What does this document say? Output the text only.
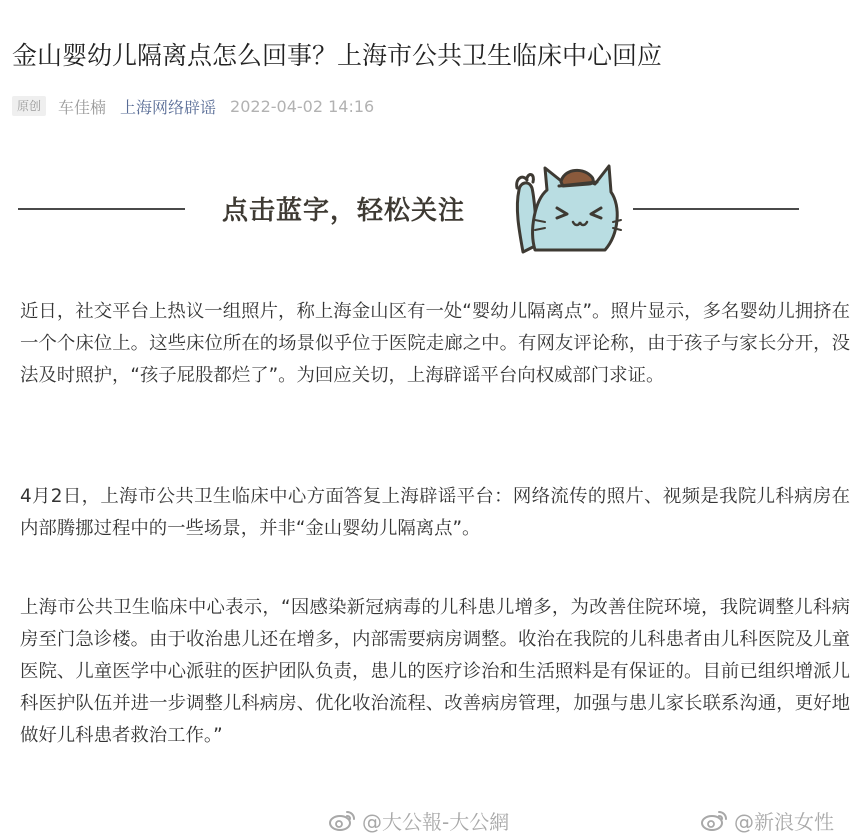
金山婴幼儿隔离点怎么回事？上海市公共卫生临床中心回应
原创	车佳楠 上海网络辟谣 2022-04-02 14:16
点击蓝字，轻松关注
近日，社交平台上热议一组照片，称上海金山区有一处“婴幼儿隔离点”。照片显示，多名婴幼儿拥挤在一个个床位上。这些床位所在的场景似乎位于医院走廊之中。有网友评论称，由于孩子与家长分开，没法及时照护，“孩子屁股都烂了”。为回应关切，上海辟谣平台向权威部门求证。
4月2日，上海市公共卫生临床中心方面答复上海辟谣平台：网络流传的照片、视频是我院儿科病房在内部腾挪过程中的一些场景，并非“金山婴幼儿隔离点”。
上海市公共卫生临床中心表示，“因感染新冠病毒的儿科患儿增多，为改善住院环境，我院调整儿科病房至门急诊楼。由于收治患儿还在增多，内部需要病房调整。收治在我院的儿科患者由儿科医院及儿童医院、儿童医学中心派驻的医护团队负责，患儿的医疗诊治和生活照料是有保证的。目前已组织增派儿科医护队伍并进一步调整儿科病房、优化收治流程、改善病房管理，加强与患儿家长联系沟通，更好地做好儿科患者救治工作。”
@大公報-大公網	@新浪女性
